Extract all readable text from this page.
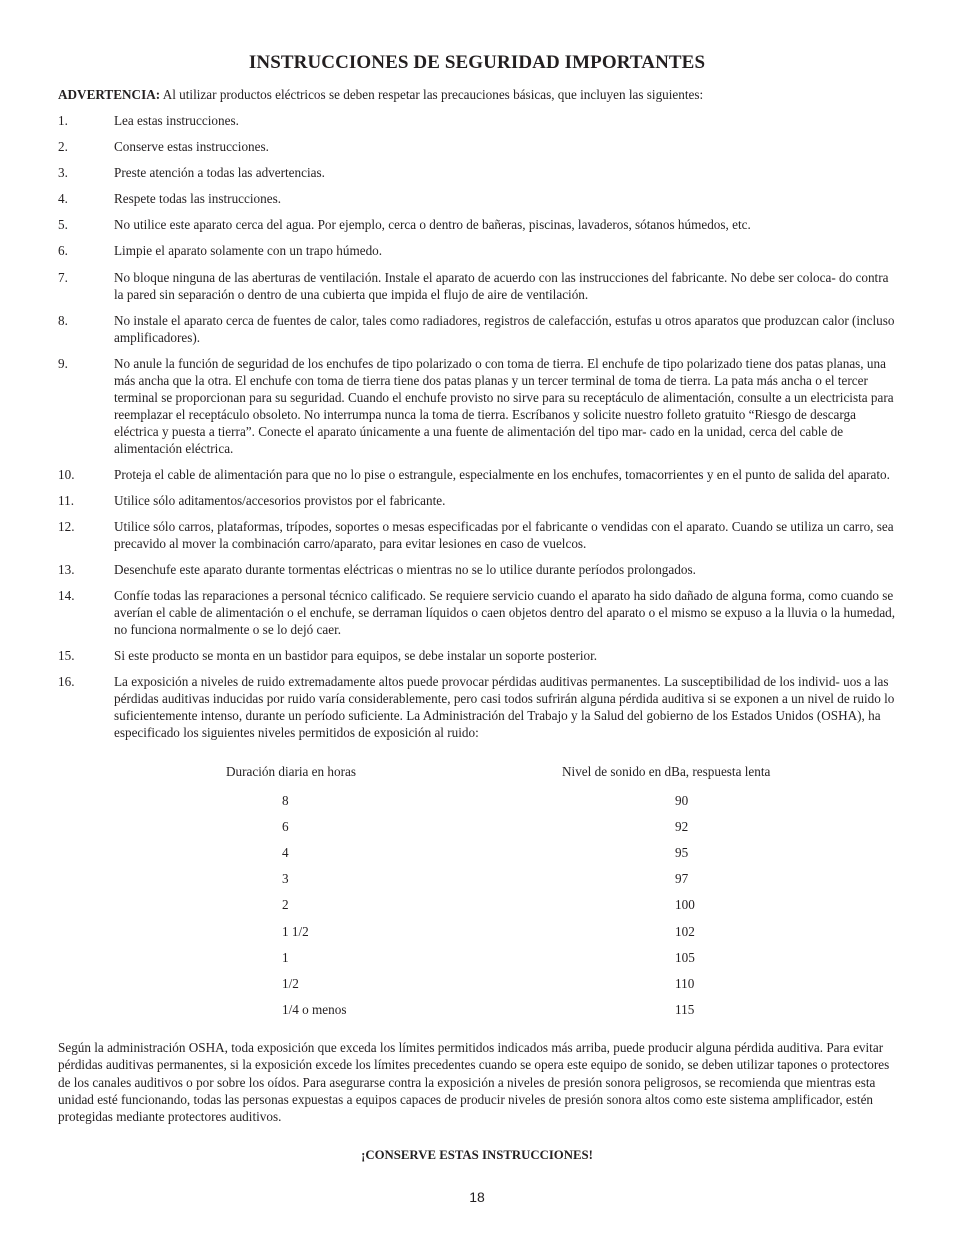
INSTRUCCIONES DE SEGURIDAD IMPORTANTES
ADVERTENCIA: Al utilizar productos eléctricos se deben respetar las precauciones básicas, que incluyen las siguientes:
1.	Lea estas instrucciones.
2.	Conserve estas instrucciones.
3.	Preste atención a todas las advertencias.
4.	Respete todas las instrucciones.
5.	No utilice este aparato cerca del agua. Por ejemplo, cerca o dentro de bañeras, piscinas, lavaderos, sótanos húmedos, etc.
6.	Limpie el aparato solamente con un trapo húmedo.
7.	No bloque ninguna de las aberturas de ventilación. Instale el aparato de acuerdo con las instrucciones del fabricante. No debe ser coloca- do contra la pared sin separación o dentro de una cubierta que impida el flujo de aire de ventilación.
8.	No instale el aparato cerca de fuentes de calor, tales como radiadores, registros de calefacción, estufas u otros aparatos que produzcan calor (incluso amplificadores).
9.	No anule la función de seguridad de los enchufes de tipo polarizado o con toma de tierra. El enchufe de tipo polarizado tiene dos patas planas, una más ancha que la otra. El enchufe con toma de tierra tiene dos patas planas y un tercer terminal de toma de tierra. La pata más ancha o el tercer terminal se proporcionan para su seguridad. Cuando el enchufe provisto no sirve para su receptáculo de alimentación, consulte a un electricista para reemplazar el receptáculo obsoleto. No interrumpa nunca la toma de tierra. Escríbanos y solicite nuestro folleto gratuito “Riesgo de descarga eléctrica y puesta a tierra”. Conecte el aparato únicamente a una fuente de alimentación del tipo mar- cado en la unidad, cerca del cable de alimentación eléctrica.
10.	Proteja el cable de alimentación para que no lo pise o estrangule, especialmente en los enchufes, tomacorrientes y en el punto de salida del aparato.
11.	Utilice sólo aditamentos/accesorios provistos por el fabricante.
12.	Utilice sólo carros, plataformas, trípodes, soportes o mesas especificadas por el fabricante o vendidas con el aparato. Cuando se utiliza un carro, sea precavido al mover la combinación carro/aparato, para evitar lesiones en caso de vuelcos.
13.	Desenchufe este aparato durante tormentas eléctricas o mientras no se lo utilice durante períodos prolongados.
14.	Confíe todas las reparaciones a personal técnico calificado. Se requiere servicio cuando el aparato ha sido dañado de alguna forma, como cuando se averían el cable de alimentación o el enchufe, se derraman líquidos o caen objetos dentro del aparato o el mismo se expuso a la lluvia o la humedad, no funciona normalmente o se lo dejó caer.
15.	Si este producto se monta en un bastidor para equipos, se debe instalar un soporte posterior.
16.	La exposición a niveles de ruido extremadamente altos puede provocar pérdidas auditivas permanentes. La susceptibilidad de los individ- uos a las pérdidas auditivas inducidas por ruido varía considerablemente, pero casi todos sufrirán alguna pérdida auditiva si se exponen a un nivel de ruido lo suficientemente intenso, durante un período suficiente. La Administración del Trabajo y la Salud del gobierno de los Estados Unidos (OSHA), ha especificado los siguientes niveles permitidos de exposición al ruido:
Duración diaria en horas	Nivel de sonido en dBa, respuesta lenta
8	90
6	92
4	95
3	97
2	100
1 1/2	102
1	105
1/2	110
1/4 o menos	115

Según la administración OSHA, toda exposición que exceda los límites permitidos indicados más arriba, puede producir alguna pérdida auditiva. Para evitar pérdidas auditivas permanentes, si la exposición excede los límites precedentes cuando se opera este equipo de sonido, se deben utilizar tapones o protectores de los canales auditivos o por sobre los oídos. Para asegurarse contra la exposición a niveles de presión sonora peligrosos, se recomienda que mientras esta unidad esté funcionando, todas las personas expuestas a equipos capaces de producir niveles de presión sonora altos como este sistema amplificador, estén protegidas mediante protectores auditivos.

¡CONSERVE ESTAS INSTRUCCIONES!
18
